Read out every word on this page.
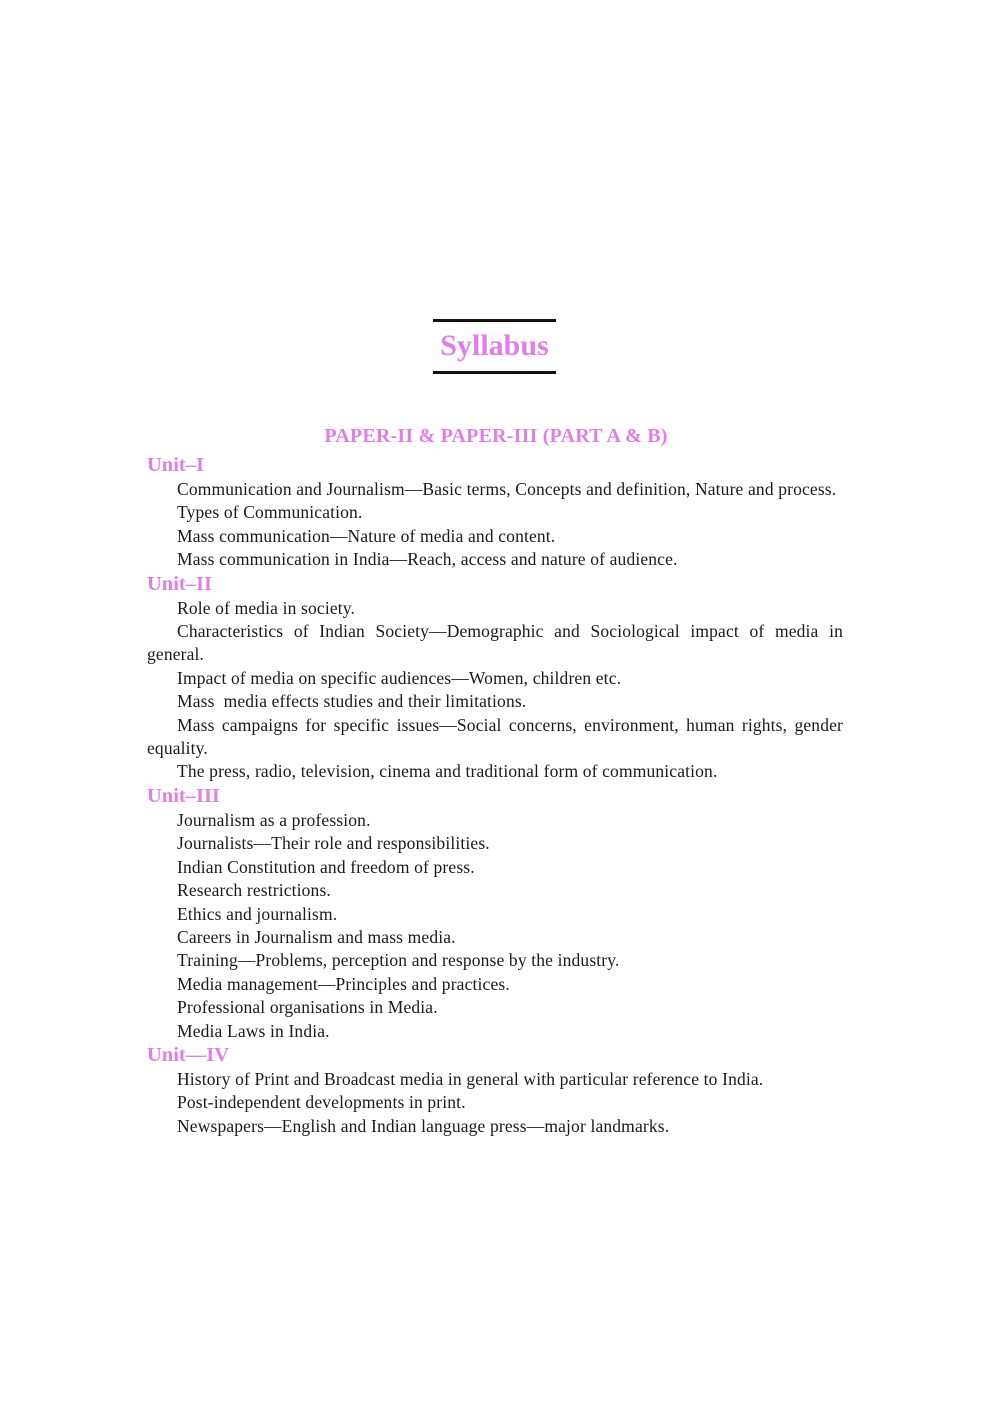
Syllabus
PAPER-II & PAPER-III (PART A & B)

Unit–I

Communication and Journalism—Basic terms, Concepts and definition, Nature and process.

Types of Communication.

Mass communication—Nature of media and content.

Mass communication in India—Reach, access and nature of audience.

Unit–II

Role of media in society.

Characteristics of Indian Society—Demographic and Sociological impact of media in general.

Impact of media on specific audiences—Women, children etc.

Mass  media effects studies and their limitations.

Mass campaigns for specific issues—Social concerns, environment, human rights, gender equality.

The press, radio, television, cinema and traditional form of communication.

Unit–III

Journalism as a profession.

Journalists—Their role and responsibilities.

Indian Constitution and freedom of press.

Research restrictions.

Ethics and journalism.

Careers in Journalism and mass media.

Training—Problems, perception and response by the industry.

Media management—Principles and practices.

Professional organisations in Media.

Media Laws in India.

Unit—IV

History of Print and Broadcast media in general with particular reference to India.

Post-independent developments in print.

Newspapers—English and Indian language press—major landmarks.
